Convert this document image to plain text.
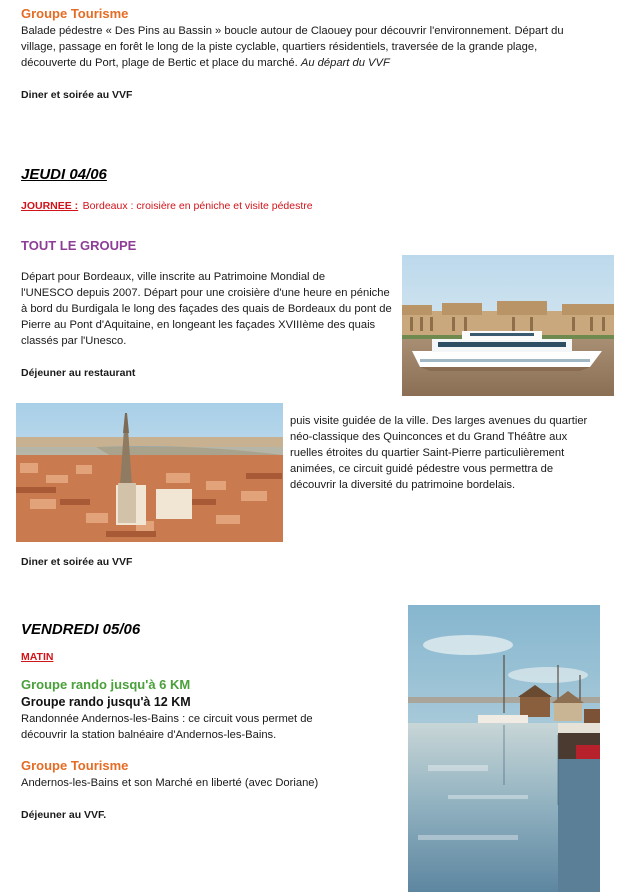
Groupe Tourisme
Balade pédestre « Des Pins au Bassin » boucle autour de Claouey pour découvrir l'environnement. Départ du
village, passage en forêt le long de la piste cyclable, quartiers résidentiels, traversée de la grande plage,
découverte du Port, plage de Bertic et place du marché. Au départ du VVF
Diner et soirée au VVF
JEUDI 04/06
JOURNEE : Bordeaux : croisière en péniche et visite pédestre
TOUT LE GROUPE
Départ pour Bordeaux, ville inscrite au Patrimoine Mondial de
l'UNESCO depuis 2007. Départ pour une croisière d'une heure en péniche
à bord du Burdigala le long des façades des quais de Bordeaux du pont de
Pierre au Pont d'Aquitaine, en longeant les façades XVIIIème des quais
classés par l'Unesco.
Déjeuner au restaurant
puis visite guidée de la ville. Des larges avenues du quartier
néo-classique des Quinconces et du Grand Théâtre aux
ruelles étroites du quartier Saint-Pierre particulièrement
animées, ce circuit guidé pédestre vous permettra de
découvrir la diversité du patrimoine bordelais.
Diner et soirée au VVF
VENDREDI 05/06
MATIN
Groupe rando jusqu'à 6 KM
Groupe rando jusqu'à 12 KM
Randonnée Andernos-les-Bains : ce circuit vous permet de
découvrir la station balnéaire d'Andernos-les-Bains.
Groupe Tourisme
Andernos-les-Bains et son Marché en liberté (avec Doriane)
Déjeuner au VVF.
